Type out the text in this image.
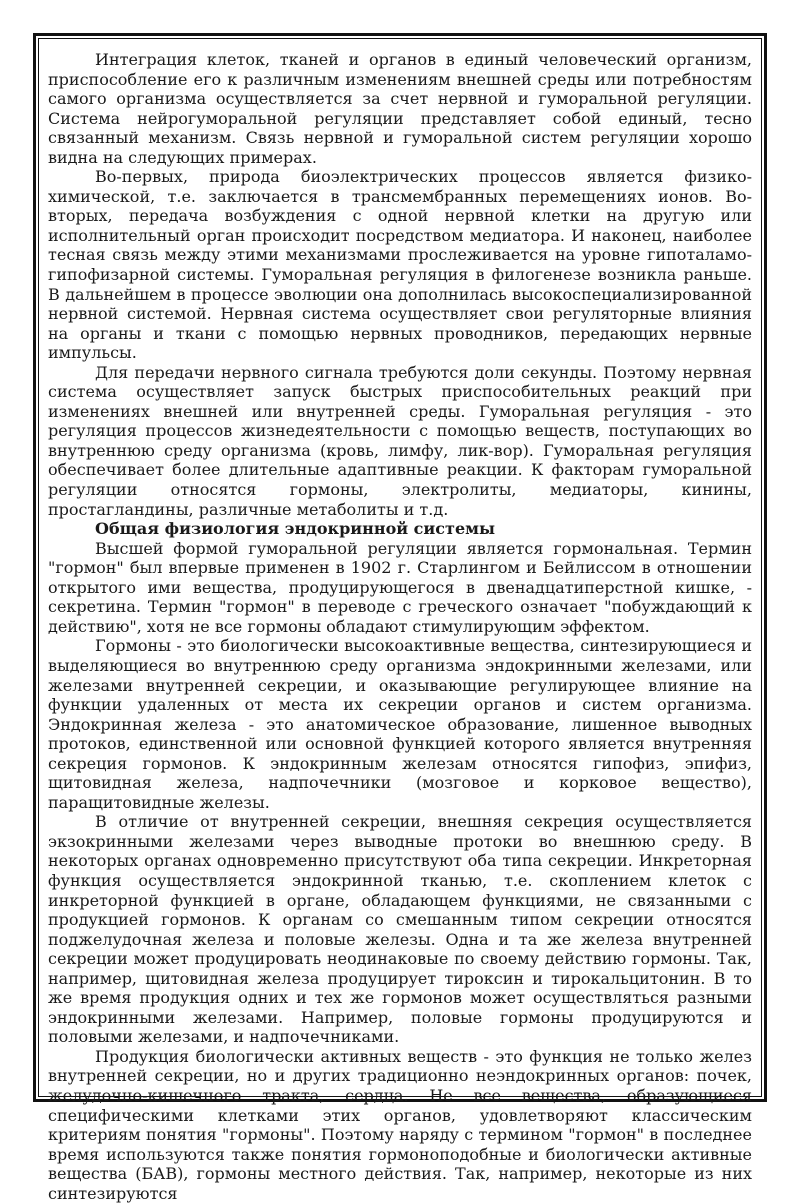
Интеграция клеток, тканей и органов в единый человеческий организм, приспособление его к различным изменениям внешней среды или потребностям самого организма осуществляется за счет нервной и гуморальной регуляции. Система нейрогуморальной регуляции представляет собой единый, тесно связанный механизм. Связь нервной и гуморальной систем регуляции хорошо видна на следующих примерах.

Во-первых, природа биоэлектрических процессов является физико-химической, т.е. заключается в трансмембранных перемещениях ионов. Во-вторых, передача возбуждения с одной нервной клетки на другую или исполнительный орган происходит посредством медиатора. И наконец, наиболее тесная связь между этими механизмами прослеживается на уровне гипоталамо-гипофизарной системы. Гуморальная регуляция в филогенезе возникла раньше. В дальнейшем в процессе эволюции она дополнилась высокоспециализированной нервной системой. Нервная система осуществляет свои регуляторные влияния на органы и ткани с помощью нервных проводников, передающих нервные импульсы.

Для передачи нервного сигнала требуются доли секунды. Поэтому нервная система осуществляет запуск быстрых приспособительных реакций при изменениях внешней или внутренней среды. Гуморальная регуляция - это регуляция процессов жизнедеятельности с помощью веществ, поступающих во внутреннюю среду организма (кровь, лимфу, лик-вор). Гуморальная регуляция обеспечивает более длительные адаптивные реакции. К факторам гуморальной регуляции относятся гормоны, электролиты, медиаторы, кинины, простагландины, различные метаболиты и т.д.

Общая физиология эндокринной системы

Высшей формой гуморальной регуляции является гормональная. Термин "гормон" был впервые применен в 1902 г. Старлингом и Бейлиссом в отношении открытого ими вещества, продуцирующегося в двенадцатиперстной кишке, - секретина. Термин "гормон" в переводе с греческого означает "побуждающий к действию", хотя не все гормоны обладают стимулирующим эффектом.

Гормоны - это биологически высокоактивные вещества, синтезирующиеся и выделяющиеся во внутреннюю среду организма эндокринными железами, или железами внутренней секреции, и оказывающие регулирующее влияние на функции удаленных от места их секреции органов и систем организма. Эндокринная железа - это анатомическое образование, лишенное выводных протоков, единственной или основной функцией которого является внутренняя секреция гормонов. К эндокринным железам относятся гипофиз, эпифиз, щитовидная железа, надпочечники (мозговое и корковое вещество), паращитовидные железы.

В отличие от внутренней секреции, внешняя секреция осуществляется экзокринными железами через выводные протоки во внешнюю среду. В некоторых органах одновременно присутствуют оба типа секреции. Инкреторная функция осуществляется эндокринной тканью, т.е. скоплением клеток с инкреторной функцией в органе, обладающем функциями, не связанными с продукцией гормонов. К органам со смешанным типом секреции относятся поджелудочная железа и половые железы. Одна и та же железа внутренней секреции может продуцировать неодинаковые по своему действию гормоны. Так, например, щитовидная железа продуцирует тироксин и тирокальцитонин. В то же время продукция одних и тех же гормонов может осуществляться разными эндокринными железами. Например, половые гормоны продуцируются и половыми железами, и надпочечниками.

Продукция биологически активных веществ - это функция не только желез внутренней секреции, но и других традиционно неэндокринных органов: почек, желудочно-кишечного тракта, сердца. Не все вещества, образующиеся специфическими клетками этих органов, удовлетворяют классическим критериям понятия "гормоны". Поэтому наряду с термином "гормон" в последнее время используются также понятия гормоноподобные и биологически активные вещества (БАВ), гормоны местного действия. Так, например, некоторые из них синтезируются
